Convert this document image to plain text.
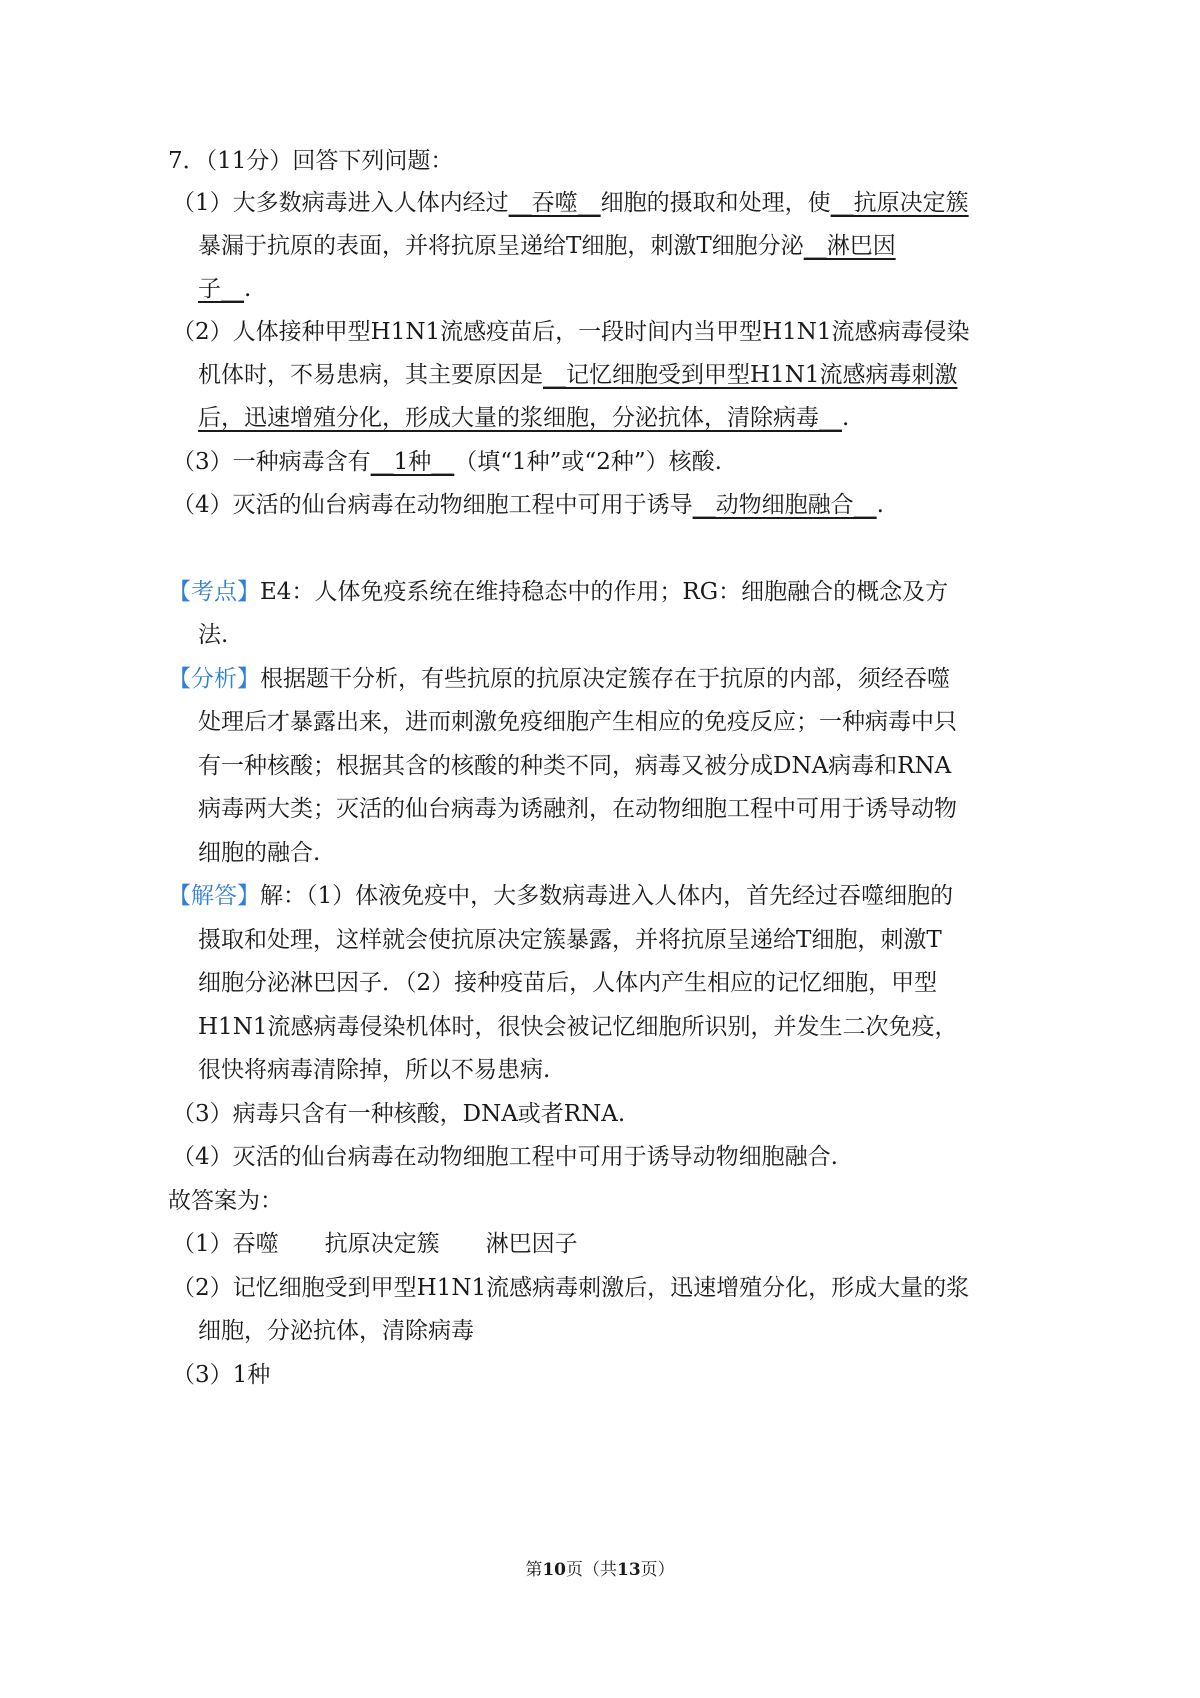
7．（11分）回答下列问题：
（1）大多数病毒进入人体内经过__吞噬__细胞的摄取和处理，使__抗原决定簇
暴漏于抗原的表面，并将抗原呈递给T细胞，刺激T细胞分泌__淋巴因
子__.
（2）人体接种甲型H1N1流感疫苗后，一段时间内当甲型H1N1流感病毒侵染
机体时，不易患病，其主要原因是__记忆细胞受到甲型H1N1流感病毒刺激
后，迅速增殖分化，形成大量的浆细胞，分泌抗体，清除病毒__.
（3）一种病毒含有__1种__（填“1种”或“2种”）核酸.
（4）灭活的仙台病毒在动物细胞工程中可用于诱导__动物细胞融合__.
【考点】E4：人体免疫系统在维持稳态中的作用；RG：细胞融合的概念及方
法.
【分析】根据题干分析，有些抗原的抗原决定簇存在于抗原的内部，须经吞噬
处理后才暴露出来，进而刺激免疫细胞产生相应的免疫反应；一种病毒中只
有一种核酸；根据其含的核酸的种类不同，病毒又被分成DNA病毒和RNA
病毒两大类；灭活的仙台病毒为诱融剂，在动物细胞工程中可用于诱导动物
细胞的融合.
【解答】解：（1）体液免疫中，大多数病毒进入人体内，首先经过吞噬细胞的
摄取和处理，这样就会使抗原决定簇暴露，并将抗原呈递给T细胞，刺激T
细胞分泌淋巴因子．（2）接种疫苗后，人体内产生相应的记忆细胞，甲型
H1N1流感病毒侵染机体时，很快会被记忆细胞所识别，并发生二次免疫，
很快将病毒清除掉，所以不易患病.
（3）病毒只含有一种核酸，DNA或者RNA.
（4）灭活的仙台病毒在动物细胞工程中可用于诱导动物细胞融合.
故答案为：
（1）吞噬　　抗原决定簇　　淋巴因子
（2）记忆细胞受到甲型H1N1流感病毒刺激后，迅速增殖分化，形成大量的浆
细胞，分泌抗体，清除病毒
（3）1种
第10页（共13页）
